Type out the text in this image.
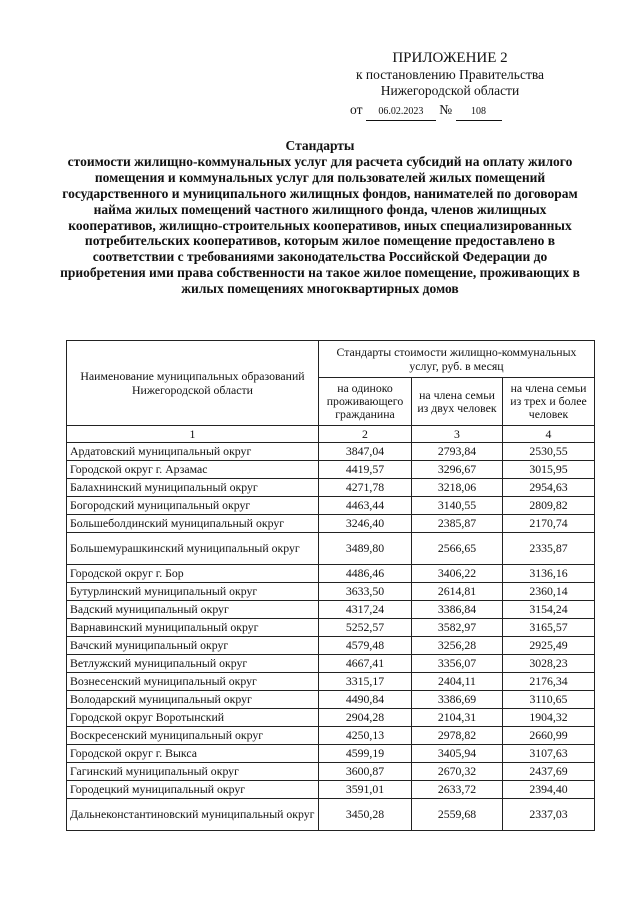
ПРИЛОЖЕНИЕ 2
к постановлению Правительства
Нижегородской области
от 06.02.2023 № 108
Стандарты
стоимости жилищно-коммунальных услуг для расчета субсидий на оплату жилого помещения и коммунальных услуг для пользователей жилых помещений государственного и муниципального жилищных фондов, нанимателей по договорам найма жилых помещений частного жилищного фонда, членов жилищных кооперативов, жилищно-строительных кооперативов, иных специализированных потребительских кооперативов, которым жилое помещение предоставлено в соответствии с требованиями законодательства Российской Федерации до приобретения ими права собственности на такое жилое помещение, проживающих в жилых помещениях многоквартирных домов
Наименование муниципальных образований Нижегородской области	Стандарты стоимости жилищно-коммунальных услуг, руб. в месяц		
	на одиноко проживающего гражданина	на члена семьи из двух человек	на члена семьи из трех и более человек
1	2	3	4
Ардатовский муниципальный округ	3847,04	2793,84	2530,55
Городской округ г. Арзамас	4419,57	3296,67	3015,95
Балахнинский муниципальный округ	4271,78	3218,06	2954,63
Богородский муниципальный округ	4463,44	3140,55	2809,82
Большеболдинский муниципальный округ	3246,40	2385,87	2170,74
Большемурашкинский муниципальный округ	3489,80	2566,65	2335,87
Городской округ г. Бор	4486,46	3406,22	3136,16
Бутурлинский муниципальный округ	3633,50	2614,81	2360,14
Вадский муниципальный округ	4317,24	3386,84	3154,24
Варнавинский муниципальный округ	5252,57	3582,97	3165,57
Вачский муниципальный округ	4579,48	3256,28	2925,49
Ветлужский муниципальный округ	4667,41	3356,07	3028,23
Вознесенский муниципальный округ	3315,17	2404,11	2176,34
Володарский муниципальный округ	4490,84	3386,69	3110,65
Городской округ Воротынский	2904,28	2104,31	1904,32
Воскресенский муниципальный округ	4250,13	2978,82	2660,99
Городской округ г. Выкса	4599,19	3405,94	3107,63
Гагинский муниципальный округ	3600,87	2670,32	2437,69
Городецкий муниципальный округ	3591,01	2633,72	2394,40
Дальнеконстантиновский муниципальный округ	3450,28	2559,68	2337,03
